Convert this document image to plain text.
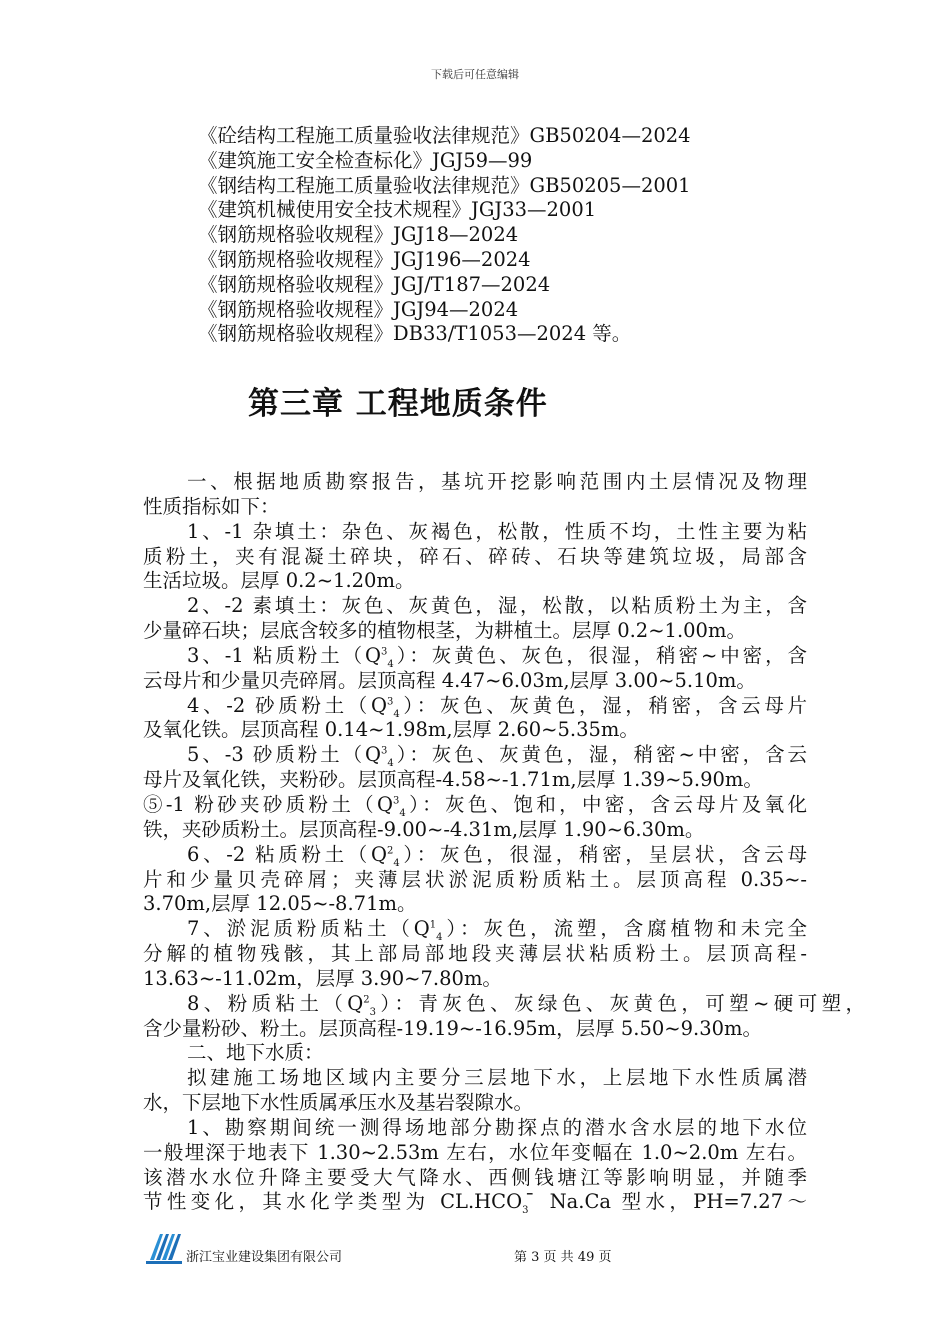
下载后可任意编辑
《砼结构工程施工质量验收法律规范》GB50204—2024
《建筑施工安全检查标化》JGJ59—99
《钢结构工程施工质量验收法律规范》GB50205—2001
《建筑机械使用安全技术规程》JGJ33—2001
《钢筋规格验收规程》JGJ18—2024
《钢筋规格验收规程》JGJ196—2024
《钢筋规格验收规程》JGJ/T187—2024
《钢筋规格验收规程》JGJ94—2024
《钢筋规格验收规程》DB33/T1053—2024 等。
第三章 工程地质条件
一、根据地质勘察报告，基坑开挖影响范围内土层情况及物理
性质指标如下：
1、-1 杂填土：杂色、灰褐色，松散，性质不均，土性主要为粘
质粉土，夹有混凝土碎块，碎石、碎砖、石块等建筑垃圾，局部含
生活垃圾。层厚 0.2~1.20m。
2、-2 素填土：灰色、灰黄色，湿，松散，以粘质粉土为主，含
少量碎石块；层底含较多的植物根茎，为耕植土。层厚 0.2~1.00m。
3、-1 粘质粉土$(Q^3_4)$：灰黄色、灰色，很湿，稍密~中密，含
云母片和少量贝壳碎屑。层顶高程 4.47~6.03m,层厚 3.00~5.10m。
4、-2 砂质粉土$(Q^3_4)$：灰色、灰黄色，湿，稍密，含云母片
及氧化铁。层顶高程 0.14~1.98m,层厚 2.60~5.35m。
5、-3 砂质粉土$(Q^3_4)$：灰色、灰黄色，湿，稍密~中密，含云
母片及氧化铁，夹粉砂。层顶高程-4.58~-1.71m,层厚 1.39~5.90m。
⑤-1 粉砂夹砂质粉土$(Q^3_4)$：灰色、饱和，中密，含云母片及氧化
铁，夹砂质粉土。层顶高程-9.00~-4.31m,层厚 1.90~6.30m。
6、-2 粘质粉土$(Q^2_4)$：灰色，很湿，稍密，呈层状，含云母
片和少量贝壳碎屑；夹薄层状淤泥质粉质粘土。层顶高程 0.35~-
3.70m,层厚 12.05~-8.71m。
7、淤泥质粉质粘土$(Q^1_4)$：灰色，流塑，含腐植物和未完全
分解的植物残骸，其上部局部地段夹薄层状粘质粉土。层顶高程-
13.63~-11.02m，层厚 3.90~7.80m。
8、粉质粘土$(Q^2_3)$：青灰色、灰绿色、灰黄色，可塑~硬可塑，
含少量粉砂、粉土。层顶高程-19.19~-16.95m，层厚 5.50~9.30m。
二、地下水质：
拟建施工场地区域内主要分三层地下水，上层地下水性质属潜
水，下层地下水性质属承压水及基岩裂隙水。
1、勘察期间统一测得场地部分勘探点的潜水含水层的地下水位
一般埋深于地表下 1.30~2.53m 左右，水位年变幅在 1.0~2.0m 左右。
该潜水水位升降主要受大气降水、西侧钱塘江等影响明显，并随季
节性变化，其水化学类型为 $CL.HCO_3$ ̄ Na.Ca 型水，PH=7.27～
浙江宝业建设集团有限公司	第 3 页 共 49 页
